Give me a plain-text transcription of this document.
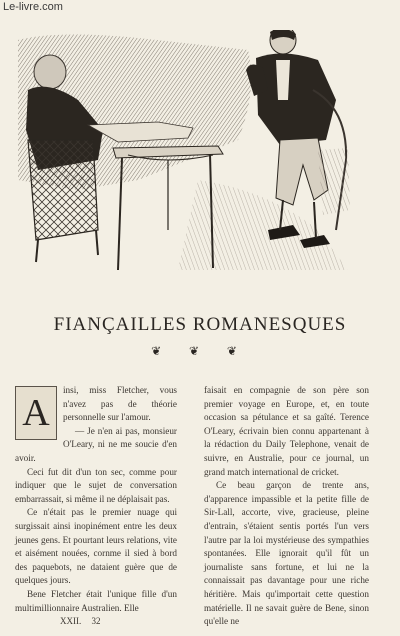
Le-livre.com
FIANÇAILLES ROMANESQUES
❦ ❦ ❦
A

insi, miss Fletcher, vous n'avez pas de théorie personnelle sur l'amour.

— Je n'en ai pas, monsieur O'Leary, ni ne me soucie d'en avoir.

Ceci fut dit d'un ton sec, comme pour indiquer que le sujet de conversation embarrassait, si même il ne déplaisait pas.

Ce n'était pas le premier nuage qui surgissait ainsi inopinément entre les deux jeunes gens. Et pourtant leurs relations, vite et aisément nouées, cornme il sied à bord des paquebots, ne dataient guère que de quelques jours.

Bene Fletcher était l'unique fille d'un multimillionnaire Australien. Elle

faisait en compagnie de son père son premier voyage en Europe, et, en toute occasion sa pétulance et sa gaîté. Terence O'Leary, écrivain bien connu appartenant à la rédaction du Daily Telephone, venait de suivre, en Australie, pour ce journal, un grand match international de cricket.

Ce beau garçon de trente ans, d'apparence impassible et la petite fille de Sir-Lall, accorte, vive, gracieuse, pleine d'entrain, s'étaient sentis portés l'un vers l'autre par la loi mystérieuse des sympathies spontanées. Elle ignorait qu'il fût un journaliste sans fortune, et lui ne la connaissait pas davantage pour une riche héritière. Mais qu'importait cette question matérielle. Il ne savait guère de Bene, sinon qu'elle ne

XXII. 32
